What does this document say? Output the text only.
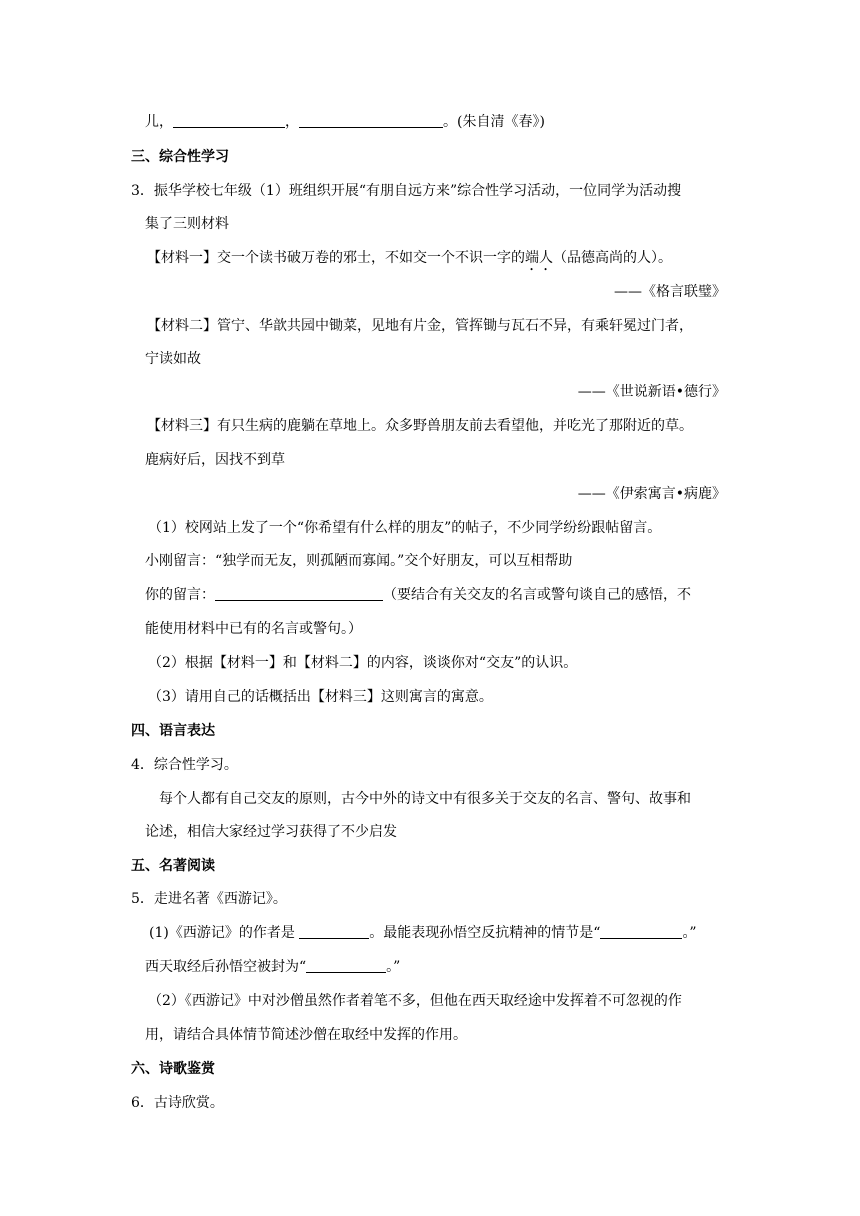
儿，	，	。(朱自清《春》)
三、综合性学习
3．振华学校七年级（1）班组织开展“有朋自远方来”综合性学习活动，一位同学为活动搜
集了三则材料
【材料一】交一个读书破万卷的邪士，不如交一个不识一字的端人（品德高尚的人）。
——《格言联璧》
【材料二】管宁、华歆共园中锄菜，见地有片金，管挥锄与瓦石不异，有乘轩冕过门者，
宁读如故
——《世说新语•德行》
【材料三】有只生病的鹿躺在草地上。众多野兽朋友前去看望他，并吃光了那附近的草。
鹿病好后，因找不到草
——《伊索寓言•病鹿》
（1）校网站上发了一个“你希望有什么样的朋友”的帖子，不少同学纷纷跟帖留言。
小刚留言：“独学而无友，则孤陋而寡闻。”交个好朋友，可以互相帮助
你的留言：	（要结合有关交友的名言或警句谈自己的感悟，不
能使用材料中已有的名言或警句。）
（2）根据【材料一】和【材料二】的内容，谈谈你对“交友”的认识。
（3）请用自己的话概括出【材料三】这则寓言的寓意。
四、语言表达
4．综合性学习。
每个人都有自己交友的原则，古今中外的诗文中有很多关于交友的名言、警句、故事和
论述，相信大家经过学习获得了不少启发
五、名著阅读
5．走进名著《西游记》。
(1)《西游记》的作者是	。最能表现孙悟空反抗精神的情节是“	。”
西天取经后孙悟空被封为“	。”
（2）《西游记》中对沙僧虽然作者着笔不多，但他在西天取经途中发挥着不可忽视的作
用，请结合具体情节简述沙僧在取经中发挥的作用。
六、诗歌鉴赏
6．古诗欣赏。
